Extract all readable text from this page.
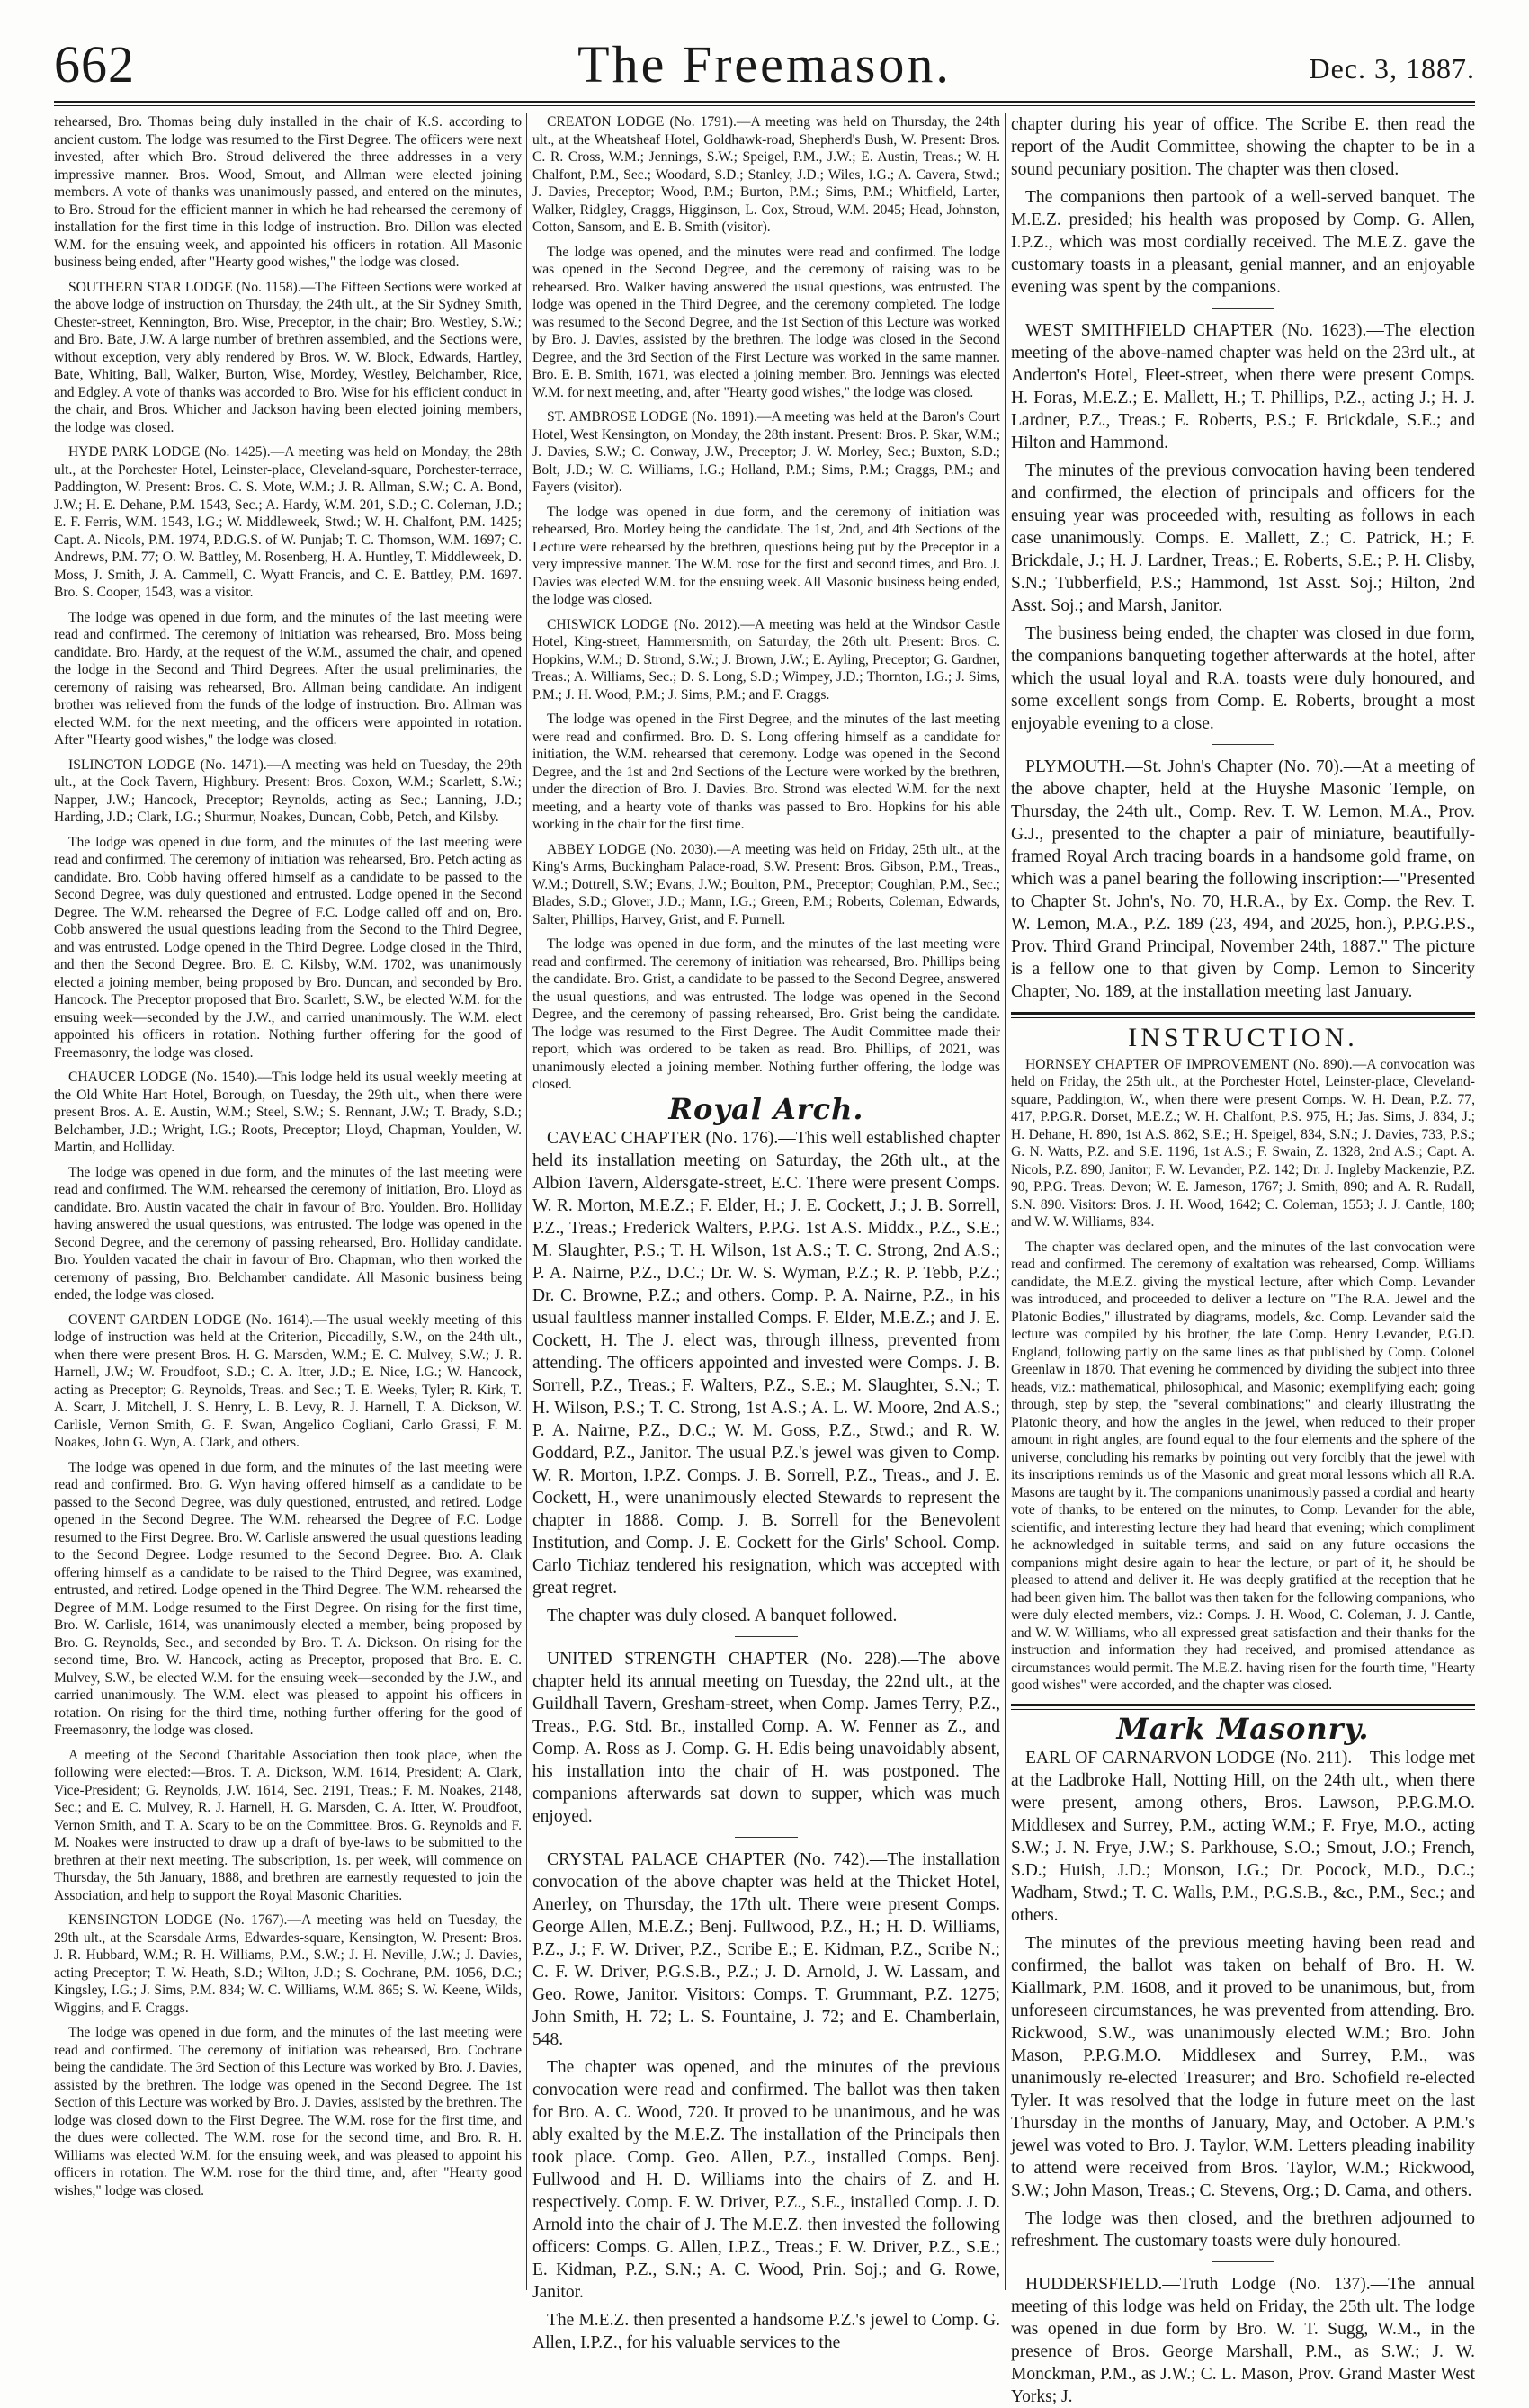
662	The Freemason.	Dec. 3, 1887.

rehearsed, Bro. Thomas being duly installed in the chair of K.S. according to ancient custom. The lodge was resumed to the First Degree. The officers were next invested, after which Bro. Stroud delivered the three addresses in a very impressive manner. Bros. Wood, Smout, and Allman were elected joining members. A vote of thanks was unanimously passed, and entered on the minutes, to Bro. Stroud for the efficient manner in which he had rehearsed the ceremony of installation for the first time in this lodge of instruction. Bro. Dillon was elected W.M. for the ensuing week, and appointed his officers in rotation. All Masonic business being ended, after "Hearty good wishes," the lodge was closed.

SOUTHERN STAR LODGE (No. 1158).—The Fifteen Sections were worked at the above lodge of instruction on Thursday, the 24th ult., at the Sir Sydney Smith, Chester-street, Kennington, Bro. Wise, Preceptor, in the chair; Bro. Westley, S.W.; and Bro. Bate, J.W. A large number of brethren assembled, and the Sections were, without exception, very ably rendered by Bros. W. W. Block, Edwards, Hartley, Bate, Whiting, Ball, Walker, Burton, Wise, Mordey, Westley, Belchamber, Rice, and Edgley. A vote of thanks was accorded to Bro. Wise for his efficient conduct in the chair, and Bros. Whicher and Jackson having been elected joining members, the lodge was closed.

HYDE PARK LODGE (No. 1425).—A meeting was held on Monday, the 28th ult., at the Porchester Hotel, Leinster-place, Cleveland-square, Porchester-terrace, Paddington, W. Present: Bros. C. S. Mote, W.M.; J. R. Allman, S.W.; C. A. Bond, J.W.; H. E. Dehane, P.M. 1543, Sec.; A. Hardy, W.M. 201, S.D.; C. Coleman, J.D.; E. F. Ferris, W.M. 1543, I.G.; W. Middleweek, Stwd.; W. H. Chalfont, P.M. 1425; Capt. A. Nicols, P.M. 1974, P.D.G.S. of W. Punjab; T. C. Thomson, W.M. 1697; C. Andrews, P.M. 77; O. W. Battley, M. Rosenberg, H. A. Huntley, T. Middleweek, D. Moss, J. Smith, J. A. Cammell, C. Wyatt Francis, and C. E. Battley, P.M. 1697. Bro. S. Cooper, 1543, was a visitor.

The lodge was opened in due form, and the minutes of the last meeting were read and confirmed. The ceremony of initiation was rehearsed, Bro. Moss being candidate. Bro. Hardy, at the request of the W.M., assumed the chair, and opened the lodge in the Second and Third Degrees. After the usual preliminaries, the ceremony of raising was rehearsed, Bro. Allman being candidate. An indigent brother was relieved from the funds of the lodge of instruction. Bro. Allman was elected W.M. for the next meeting, and the officers were appointed in rotation. After "Hearty good wishes," the lodge was closed.

ISLINGTON LODGE (No. 1471).—A meeting was held on Tuesday, the 29th ult., at the Cock Tavern, Highbury. Present: Bros. Coxon, W.M.; Scarlett, S.W.; Napper, J.W.; Hancock, Preceptor; Reynolds, acting as Sec.; Lanning, J.D.; Harding, J.D.; Clark, I.G.; Shurmur, Noakes, Duncan, Cobb, Petch, and Kilsby.

The lodge was opened in due form, and the minutes of the last meeting were read and confirmed. The ceremony of initiation was rehearsed, Bro. Petch acting as candidate. Bro. Cobb having offered himself as a candidate to be passed to the Second Degree, was duly questioned and entrusted. Lodge opened in the Second Degree. The W.M. rehearsed the Degree of F.C. Lodge called off and on, Bro. Cobb answered the usual questions leading from the Second to the Third Degree, and was entrusted. Lodge opened in the Third Degree. Lodge closed in the Third, and then the Second Degree. Bro. E. C. Kilsby, W.M. 1702, was unanimously elected a joining member, being proposed by Bro. Duncan, and seconded by Bro. Hancock. The Preceptor proposed that Bro. Scarlett, S.W., be elected W.M. for the ensuing week—seconded by the J.W., and carried unanimously. The W.M. elect appointed his officers in rotation. Nothing further offering for the good of Freemasonry, the lodge was closed.

CHAUCER LODGE (No. 1540).—This lodge held its usual weekly meeting at the Old White Hart Hotel, Borough, on Tuesday, the 29th ult., when there were present Bros. A. E. Austin, W.M.; Steel, S.W.; S. Rennant, J.W.; T. Brady, S.D.; Belchamber, J.D.; Wright, I.G.; Roots, Preceptor; Lloyd, Chapman, Youlden, W. Martin, and Holliday.

The lodge was opened in due form, and the minutes of the last meeting were read and confirmed. The W.M. rehearsed the ceremony of initiation, Bro. Lloyd as candidate. Bro. Austin vacated the chair in favour of Bro. Youlden. Bro. Holliday having answered the usual questions, was entrusted. The lodge was opened in the Second Degree, and the ceremony of passing rehearsed, Bro. Holliday candidate. Bro. Youlden vacated the chair in favour of Bro. Chapman, who then worked the ceremony of passing, Bro. Belchamber candidate. All Masonic business being ended, the lodge was closed.

COVENT GARDEN LODGE (No. 1614).—The usual weekly meeting of this lodge of instruction was held at the Criterion, Piccadilly, S.W., on the 24th ult., when there were present Bros. H. G. Marsden, W.M.; E. C. Mulvey, S.W.; J. R. Harnell, J.W.; W. Froudfoot, S.D.; C. A. Itter, J.D.; E. Nice, I.G.; W. Hancock, acting as Preceptor; G. Reynolds, Treas. and Sec.; T. E. Weeks, Tyler; R. Kirk, T. A. Scarr, J. Mitchell, J. S. Henry, L. B. Levy, R. J. Harnell, T. A. Dickson, W. Carlisle, Vernon Smith, G. F. Swan, Angelico Cogliani, Carlo Grassi, F. M. Noakes, John G. Wyn, A. Clark, and others.

The lodge was opened in due form, and the minutes of the last meeting were read and confirmed. Bro. G. Wyn having offered himself as a candidate to be passed to the Second Degree, was duly questioned, entrusted, and retired. Lodge opened in the Second Degree. The W.M. rehearsed the Degree of F.C. Lodge resumed to the First Degree. Bro. W. Carlisle answered the usual questions leading to the Second Degree. Lodge resumed to the Second Degree. Bro. A. Clark offering himself as a candidate to be raised to the Third Degree, was examined, entrusted, and retired. Lodge opened in the Third Degree. The W.M. rehearsed the Degree of M.M. Lodge resumed to the First Degree. On rising for the first time, Bro. W. Carlisle, 1614, was unanimously elected a member, being proposed by Bro. G. Reynolds, Sec., and seconded by Bro. T. A. Dickson. On rising for the second time, Bro. W. Hancock, acting as Preceptor, proposed that Bro. E. C. Mulvey, S.W., be elected W.M. for the ensuing week—seconded by the J.W., and carried unanimously. The W.M. elect was pleased to appoint his officers in rotation. On rising for the third time, nothing further offering for the good of Freemasonry, the lodge was closed.

A meeting of the Second Charitable Association then took place, when the following were elected:—Bros. T. A. Dickson, W.M. 1614, President; A. Clark, Vice-President; G. Reynolds, J.W. 1614, Sec. 2191, Treas.; F. M. Noakes, 2148, Sec.; and E. C. Mulvey, R. J. Harnell, H. G. Marsden, C. A. Itter, W. Proudfoot, Vernon Smith, and T. A. Scary to be on the Committee. Bros. G. Reynolds and F. M. Noakes were instructed to draw up a draft of bye-laws to be submitted to the brethren at their next meeting. The subscription, 1s. per week, will commence on Thursday, the 5th January, 1888, and brethren are earnestly requested to join the Association, and help to support the Royal Masonic Charities.

KENSINGTON LODGE (No. 1767).—A meeting was held on Tuesday, the 29th ult., at the Scarsdale Arms, Edwardes-square, Kensington, W. Present: Bros. J. R. Hubbard, W.M.; R. H. Williams, P.M., S.W.; J. H. Neville, J.W.; J. Davies, acting Preceptor; T. W. Heath, S.D.; Wilton, J.D.; S. Cochrane, P.M. 1056, D.C.; Kingsley, I.G.; J. Sims, P.M. 834; W. C. Williams, W.M. 865; S. W. Keene, Wilds, Wiggins, and F. Craggs.

The lodge was opened in due form, and the minutes of the last meeting were read and confirmed. The ceremony of initiation was rehearsed, Bro. Cochrane being the candidate. The 3rd Section of this Lecture was worked by Bro. J. Davies, assisted by the brethren. The lodge was opened in the Second Degree. The 1st Section of this Lecture was worked by Bro. J. Davies, assisted by the brethren. The lodge was closed down to the First Degree. The W.M. rose for the first time, and the dues were collected. The W.M. rose for the second time, and Bro. R. H. Williams was elected W.M. for the ensuing week, and was pleased to appoint his officers in rotation. The W.M. rose for the third time, and, after "Hearty good wishes," lodge was closed.

CREATON LODGE (No. 1791).—A meeting was held on Thursday, the 24th ult., at the Wheatsheaf Hotel, Goldhawk-road, Shepherd's Bush, W. Present: Bros. C. R. Cross, W.M.; Jennings, S.W.; Speigel, P.M., J.W.; E. Austin, Treas.; W. H. Chalfont, P.M., Sec.; Woodard, S.D.; Stanley, J.D.; Wiles, I.G.; A. Cavera, Stwd.; J. Davies, Preceptor; Wood, P.M.; Burton, P.M.; Sims, P.M.; Whitfield, Larter, Walker, Ridgley, Craggs, Higginson, L. Cox, Stroud, W.M. 2045; Head, Johnston, Cotton, Sansom, and E. B. Smith (visitor).

The lodge was opened, and the minutes were read and confirmed. The lodge was opened in the Second Degree, and the ceremony of raising was to be rehearsed. Bro. Walker having answered the usual questions, was entrusted. The lodge was opened in the Third Degree, and the ceremony completed. The lodge was resumed to the Second Degree, and the 1st Section of this Lecture was worked by Bro. J. Davies, assisted by the brethren. The lodge was closed in the Second Degree, and the 3rd Section of the First Lecture was worked in the same manner. Bro. E. B. Smith, 1671, was elected a joining member. Bro. Jennings was elected W.M. for next meeting, and, after "Hearty good wishes," the lodge was closed.

ST. AMBROSE LODGE (No. 1891).—A meeting was held at the Baron's Court Hotel, West Kensington, on Monday, the 28th instant. Present: Bros. P. Skar, W.M.; J. Davies, S.W.; C. Conway, J.W., Preceptor; J. W. Morley, Sec.; Buxton, S.D.; Bolt, J.D.; W. C. Williams, I.G.; Holland, P.M.; Sims, P.M.; Craggs, P.M.; and Fayers (visitor).

The lodge was opened in due form, and the ceremony of initiation was rehearsed, Bro. Morley being the candidate. The 1st, 2nd, and 4th Sections of the Lecture were rehearsed by the brethren, questions being put by the Preceptor in a very impressive manner. The W.M. rose for the first and second times, and Bro. J. Davies was elected W.M. for the ensuing week. All Masonic business being ended, the lodge was closed.

CHISWICK LODGE (No. 2012).—A meeting was held at the Windsor Castle Hotel, King-street, Hammersmith, on Saturday, the 26th ult. Present: Bros. C. Hopkins, W.M.; D. Strond, S.W.; J. Brown, J.W.; E. Ayling, Preceptor; G. Gardner, Treas.; A. Williams, Sec.; D. S. Long, S.D.; Wimpey, J.D.; Thornton, I.G.; J. Sims, P.M.; J. H. Wood, P.M.; J. Sims, P.M.; and F. Craggs.

The lodge was opened in the First Degree, and the minutes of the last meeting were read and confirmed. Bro. D. S. Long offering himself as a candidate for initiation, the W.M. rehearsed that ceremony. Lodge was opened in the Second Degree, and the 1st and 2nd Sections of the Lecture were worked by the brethren, under the direction of Bro. J. Davies. Bro. Strond was elected W.M. for the next meeting, and a hearty vote of thanks was passed to Bro. Hopkins for his able working in the chair for the first time.

ABBEY LODGE (No. 2030).—A meeting was held on Friday, 25th ult., at the King's Arms, Buckingham Palace-road, S.W. Present: Bros. Gibson, P.M., Treas., W.M.; Dottrell, S.W.; Evans, J.W.; Boulton, P.M., Preceptor; Coughlan, P.M., Sec.; Blades, S.D.; Glover, J.D.; Mann, I.G.; Green, P.M.; Roberts, Coleman, Edwards, Salter, Phillips, Harvey, Grist, and F. Purnell.

The lodge was opened in due form, and the minutes of the last meeting were read and confirmed. The ceremony of initiation was rehearsed, Bro. Phillips being the candidate. Bro. Grist, a candidate to be passed to the Second Degree, answered the usual questions, and was entrusted. The lodge was opened in the Second Degree, and the ceremony of passing rehearsed, Bro. Grist being the candidate. The lodge was resumed to the First Degree. The Audit Committee made their report, which was ordered to be taken as read. Bro. Phillips, of 2021, was unanimously elected a joining member. Nothing further offering, the lodge was closed.

Royal Arch.

CAVEAC CHAPTER (No. 176).—This well established chapter held its installation meeting on Saturday, the 26th ult., at the Albion Tavern, Aldersgate-street, E.C. There were present Comps. W. R. Morton, M.E.Z.; F. Elder, H.; J. E. Cockett, J.; J. B. Sorrell, P.Z., Treas.; Frederick Walters, P.P.G. 1st A.S. Middx., P.Z., S.E.; M. Slaughter, P.S.; T. H. Wilson, 1st A.S.; T. C. Strong, 2nd A.S.; P. A. Nairne, P.Z., D.C.; Dr. W. S. Wyman, P.Z.; R. P. Tebb, P.Z.; Dr. C. Browne, P.Z.; and others. Comp. P. A. Nairne, P.Z., in his usual faultless manner installed Comps. F. Elder, M.E.Z.; and J. E. Cockett, H. The J. elect was, through illness, prevented from attending. The officers appointed and invested were Comps. J. B. Sorrell, P.Z., Treas.; F. Walters, P.Z., S.E.; M. Slaughter, S.N.; T. H. Wilson, P.S.; T. C. Strong, 1st A.S.; A. L. W. Moore, 2nd A.S.; P. A. Nairne, P.Z., D.C.; W. M. Goss, P.Z., Stwd.; and R. W. Goddard, P.Z., Janitor. The usual P.Z.'s jewel was given to Comp. W. R. Morton, I.P.Z. Comps. J. B. Sorrell, P.Z., Treas., and J. E. Cockett, H., were unanimously elected Stewards to represent the chapter in 1888. Comp. J. B. Sorrell for the Benevolent Institution, and Comp. J. E. Cockett for the Girls' School. Comp. Carlo Tichiaz tendered his resignation, which was accepted with great regret.

The chapter was duly closed. A banquet followed.

UNITED STRENGTH CHAPTER (No. 228).—The above chapter held its annual meeting on Tuesday, the 22nd ult., at the Guildhall Tavern, Gresham-street, when Comp. James Terry, P.Z., Treas., P.G. Std. Br., installed Comp. A. W. Fenner as Z., and Comp. A. Ross as J. Comp. G. H. Edis being unavoidably absent, his installation into the chair of H. was postponed. The companions afterwards sat down to supper, which was much enjoyed.

CRYSTAL PALACE CHAPTER (No. 742).—The installation convocation of the above chapter was held at the Thicket Hotel, Anerley, on Thursday, the 17th ult. There were present Comps. George Allen, M.E.Z.; Benj. Fullwood, P.Z., H.; H. D. Williams, P.Z., J.; F. W. Driver, P.Z., Scribe E.; E. Kidman, P.Z., Scribe N.; C. F. W. Driver, P.G.S.B., P.Z.; J. D. Arnold, J. W. Lassam, and Geo. Rowe, Janitor. Visitors: Comps. T. Grummant, P.Z. 1275; John Smith, H. 72; L. S. Fountaine, J. 72; and E. Chamberlain, 548.

The chapter was opened, and the minutes of the previous convocation were read and confirmed. The ballot was then taken for Bro. A. C. Wood, 720. It proved to be unanimous, and he was ably exalted by the M.E.Z. The installation of the Principals then took place. Comp. Geo. Allen, P.Z., installed Comps. Benj. Fullwood and H. D. Williams into the chairs of Z. and H. respectively. Comp. F. W. Driver, P.Z., S.E., installed Comp. J. D. Arnold into the chair of J. The M.E.Z. then invested the following officers: Comps. G. Allen, I.P.Z., Treas.; F. W. Driver, P.Z., S.E.; E. Kidman, P.Z., S.N.; A. C. Wood, Prin. Soj.; and G. Rowe, Janitor.

The M.E.Z. then presented a handsome P.Z.'s jewel to Comp. G. Allen, I.P.Z., for his valuable services to the

chapter during his year of office. The Scribe E. then read the report of the Audit Committee, showing the chapter to be in a sound pecuniary position. The chapter was then closed.

The companions then partook of a well-served banquet. The M.E.Z. presided; his health was proposed by Comp. G. Allen, I.P.Z., which was most cordially received. The M.E.Z. gave the customary toasts in a pleasant, genial manner, and an enjoyable evening was spent by the companions.

WEST SMITHFIELD CHAPTER (No. 1623).—The election meeting of the above-named chapter was held on the 23rd ult., at Anderton's Hotel, Fleet-street, when there were present Comps. H. Foras, M.E.Z.; E. Mallett, H.; T. Phillips, P.Z., acting J.; H. J. Lardner, P.Z., Treas.; E. Roberts, P.S.; F. Brickdale, S.E.; and Hilton and Hammond.

The minutes of the previous convocation having been tendered and confirmed, the election of principals and officers for the ensuing year was proceeded with, resulting as follows in each case unanimously. Comps. E. Mallett, Z.; C. Patrick, H.; F. Brickdale, J.; H. J. Lardner, Treas.; E. Roberts, S.E.; P. H. Clisby, S.N.; Tubberfield, P.S.; Hammond, 1st Asst. Soj.; Hilton, 2nd Asst. Soj.; and Marsh, Janitor.

The business being ended, the chapter was closed in due form, the companions banqueting together afterwards at the hotel, after which the usual loyal and R.A. toasts were duly honoured, and some excellent songs from Comp. E. Roberts, brought a most enjoyable evening to a close.

PLYMOUTH.—St. John's Chapter (No. 70).—At a meeting of the above chapter, held at the Huyshe Masonic Temple, on Thursday, the 24th ult., Comp. Rev. T. W. Lemon, M.A., Prov. G.J., presented to the chapter a pair of miniature, beautifully-framed Royal Arch tracing boards in a handsome gold frame, on which was a panel bearing the following inscription:—"Presented to Chapter St. John's, No. 70, H.R.A., by Ex. Comp. the Rev. T. W. Lemon, M.A., P.Z. 189 (23, 494, and 2025, hon.), P.P.G.P.S., Prov. Third Grand Principal, November 24th, 1887." The picture is a fellow one to that given by Comp. Lemon to Sincerity Chapter, No. 189, at the installation meeting last January.

INSTRUCTION.

HORNSEY CHAPTER OF IMPROVEMENT (No. 890).—A convocation was held on Friday, the 25th ult., at the Porchester Hotel, Leinster-place, Cleveland-square, Paddington, W., when there were present Comps. W. H. Dean, P.Z. 77, 417, P.P.G.R. Dorset, M.E.Z.; W. H. Chalfont, P.S. 975, H.; Jas. Sims, J. 834, J.; H. Dehane, H. 890, 1st A.S. 862, S.E.; H. Speigel, 834, S.N.; J. Davies, 733, P.S.; G. N. Watts, P.Z. and S.E. 1196, 1st A.S.; F. Swain, Z. 1328, 2nd A.S.; Capt. A. Nicols, P.Z. 890, Janitor; F. W. Levander, P.Z. 142; Dr. J. Ingleby Mackenzie, P.Z. 90, P.P.G. Treas. Devon; W. E. Jameson, 1767; J. Smith, 890; and A. R. Rudall, S.N. 890. Visitors: Bros. J. H. Wood, 1642; C. Coleman, 1553; J. J. Cantle, 180; and W. W. Williams, 834.

The chapter was declared open, and the minutes of the last convocation were read and confirmed. The ceremony of exaltation was rehearsed, Comp. Williams candidate, the M.E.Z. giving the mystical lecture, after which Comp. Levander was introduced, and proceeded to deliver a lecture on "The R.A. Jewel and the Platonic Bodies," illustrated by diagrams, models, &c. Comp. Levander said the lecture was compiled by his brother, the late Comp. Henry Levander, P.G.D. England, following partly on the same lines as that published by Comp. Colonel Greenlaw in 1870. That evening he commenced by dividing the subject into three heads, viz.: mathematical, philosophical, and Masonic; exemplifying each; going through, step by step, the "several combinations;" and clearly illustrating the Platonic theory, and how the angles in the jewel, when reduced to their proper amount in right angles, are found equal to the four elements and the sphere of the universe, concluding his remarks by pointing out very forcibly that the jewel with its inscriptions reminds us of the Masonic and great moral lessons which all R.A. Masons are taught by it. The companions unanimously passed a cordial and hearty vote of thanks, to be entered on the minutes, to Comp. Levander for the able, scientific, and interesting lecture they had heard that evening; which compliment he acknowledged in suitable terms, and said on any future occasions the companions might desire again to hear the lecture, or part of it, he should be pleased to attend and deliver it. He was deeply gratified at the reception that he had been given him. The ballot was then taken for the following companions, who were duly elected members, viz.: Comps. J. H. Wood, C. Coleman, J. J. Cantle, and W. W. Williams, who all expressed great satisfaction and their thanks for the instruction and information they had received, and promised attendance as circumstances would permit. The M.E.Z. having risen for the fourth time, "Hearty good wishes" were accorded, and the chapter was closed.

Mark Masonry.

EARL OF CARNARVON LODGE (No. 211).—This lodge met at the Ladbroke Hall, Notting Hill, on the 24th ult., when there were present, among others, Bros. Lawson, P.P.G.M.O. Middlesex and Surrey, P.M., acting W.M.; F. Frye, M.O., acting S.W.; J. N. Frye, J.W.; S. Parkhouse, S.O.; Smout, J.O.; French, S.D.; Huish, J.D.; Monson, I.G.; Dr. Pocock, M.D., D.C.; Wadham, Stwd.; T. C. Walls, P.M., P.G.S.B., &c., P.M., Sec.; and others.

The minutes of the previous meeting having been read and confirmed, the ballot was taken on behalf of Bro. H. W. Kiallmark, P.M. 1608, and it proved to be unanimous, but, from unforeseen circumstances, he was prevented from attending. Bro. Rickwood, S.W., was unanimously elected W.M.; Bro. John Mason, P.P.G.M.O. Middlesex and Surrey, P.M., was unanimously re-elected Treasurer; and Bro. Schofield re-elected Tyler. It was resolved that the lodge in future meet on the last Thursday in the months of January, May, and October. A P.M.'s jewel was voted to Bro. J. Taylor, W.M. Letters pleading inability to attend were received from Bros. Taylor, W.M.; Rickwood, S.W.; John Mason, Treas.; C. Stevens, Org.; D. Cama, and others.

The lodge was then closed, and the brethren adjourned to refreshment. The customary toasts were duly honoured.

HUDDERSFIELD.—Truth Lodge (No. 137).—The annual meeting of this lodge was held on Friday, the 25th ult. The lodge was opened in due form by Bro. W. T. Sugg, W.M., in the presence of Bros. George Marshall, P.M., as S.W.; J. W. Monckman, P.M., as J.W.; C. L. Mason, Prov. Grand Master West Yorks; J.
